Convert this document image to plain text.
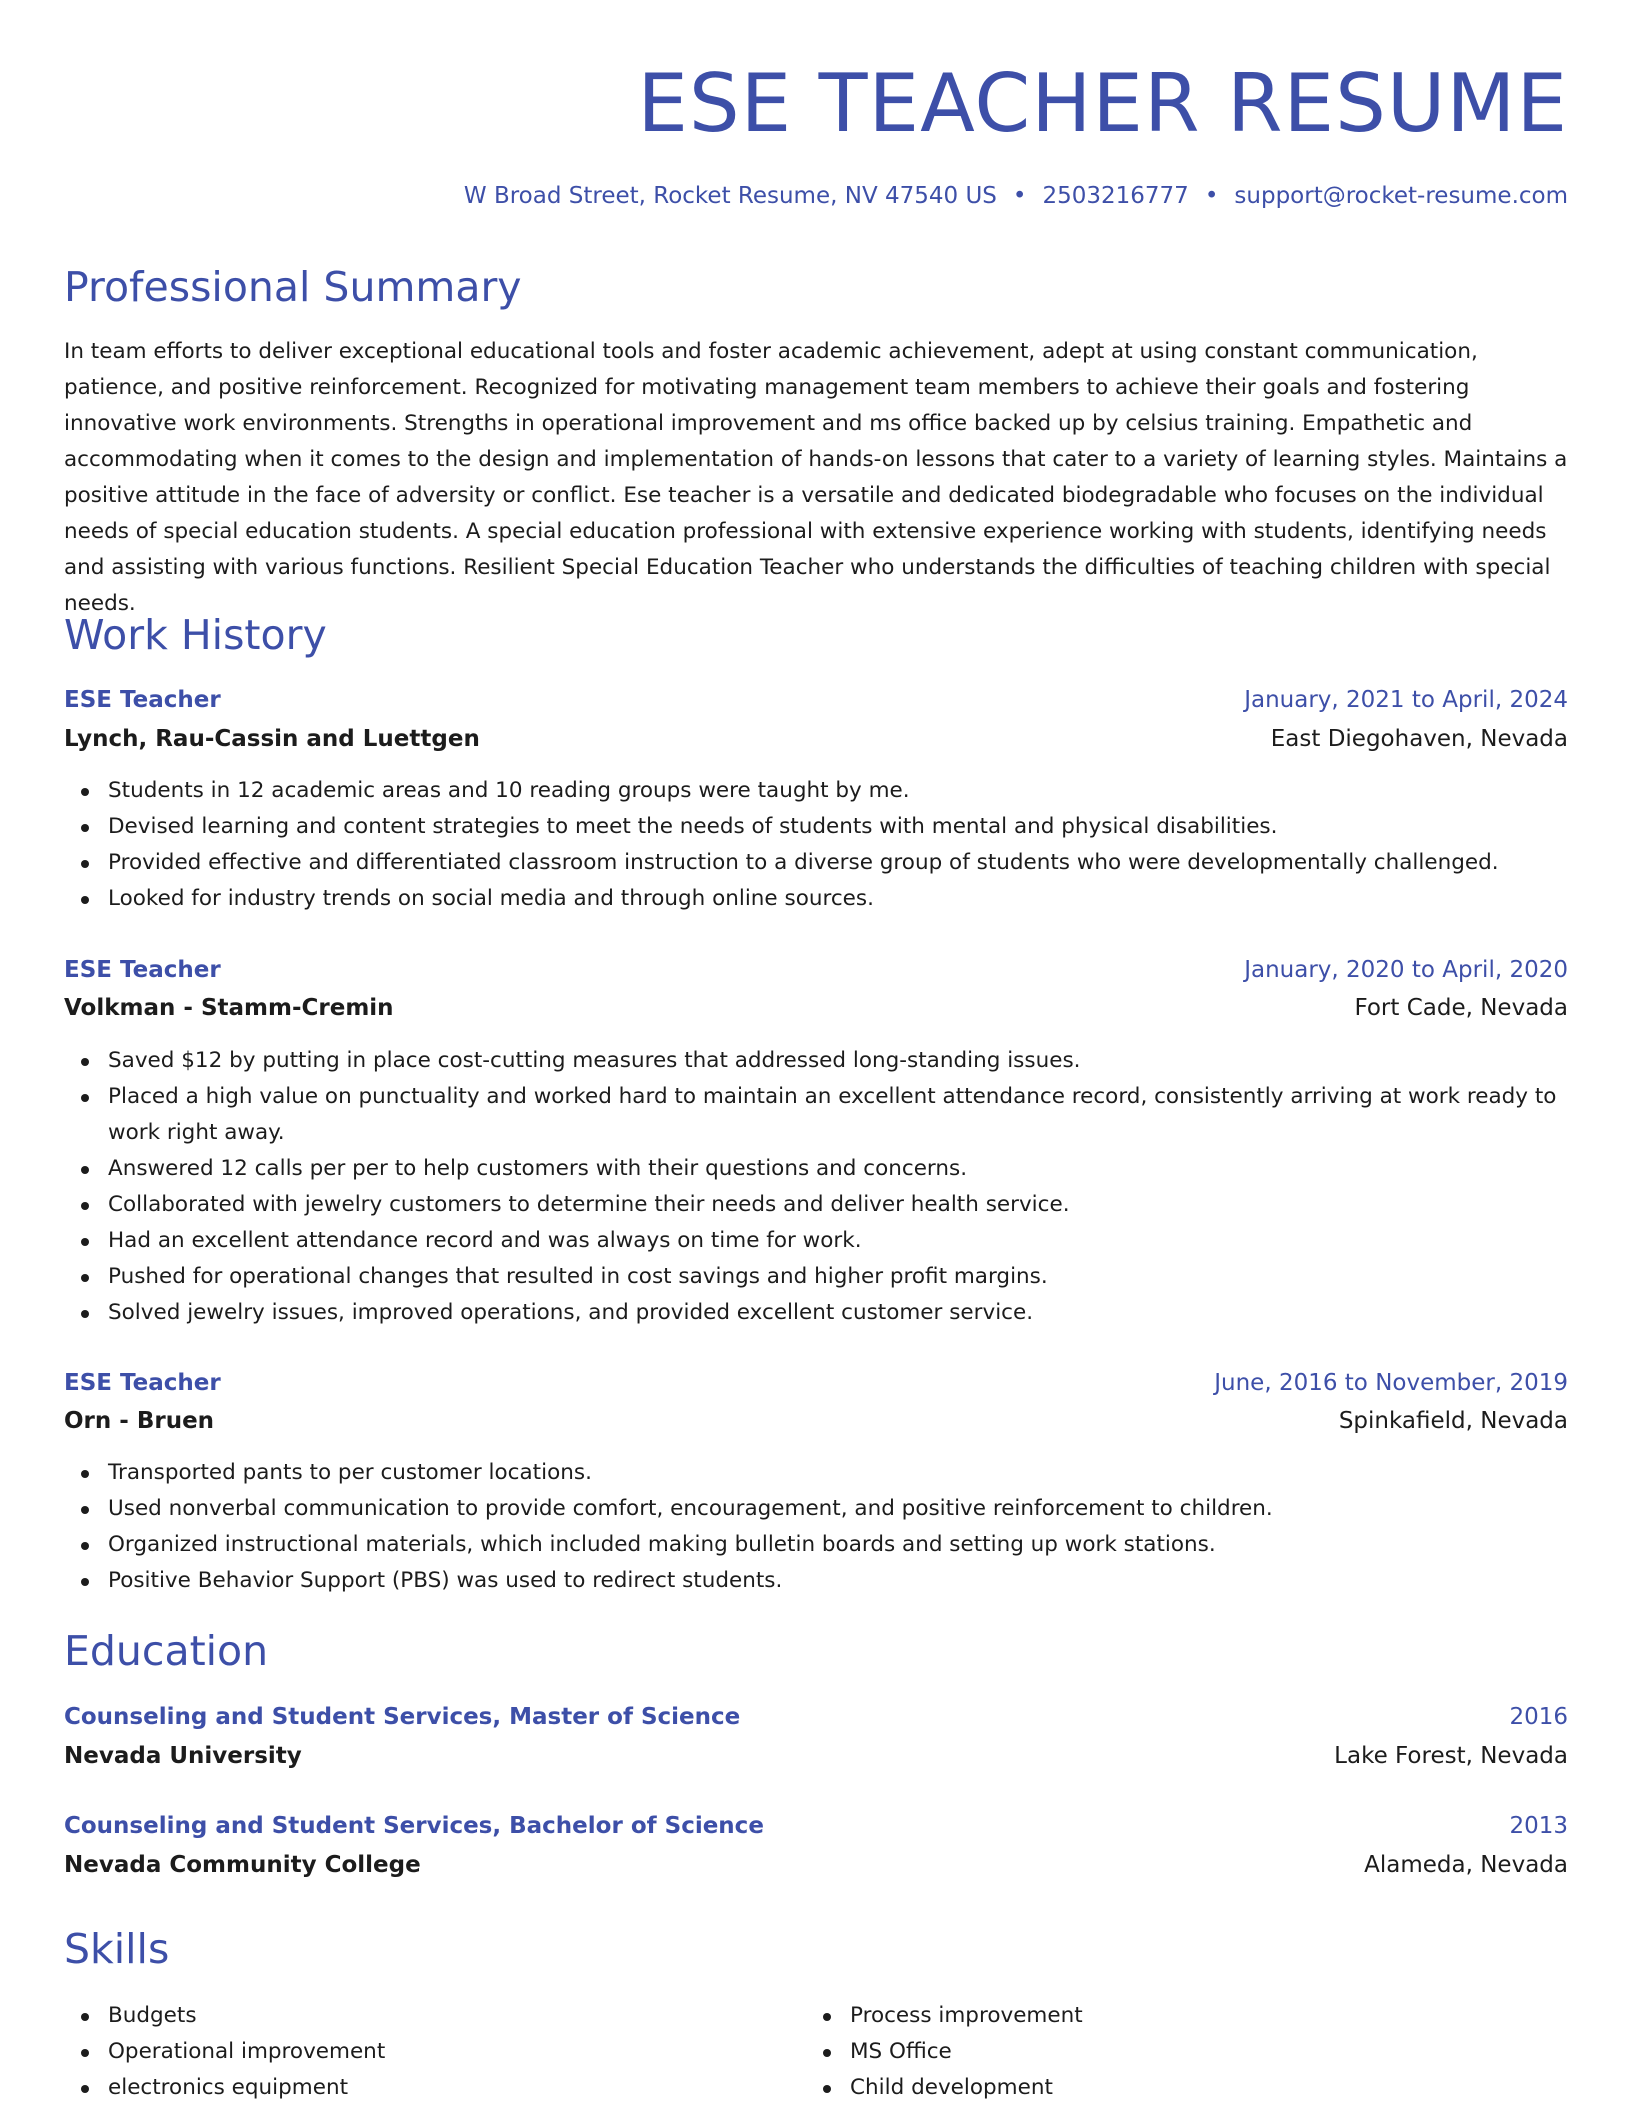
ESE TEACHER RESUME
W Broad Street, Rocket Resume, NV 47540 US • 2503216777 • support@rocket-resume.com
Professional Summary

In team efforts to deliver exceptional educational tools and foster academic achievement, adept at using constant communication, patience, and positive reinforcement. Recognized for motivating management team members to achieve their goals and fostering innovative work environments. Strengths in operational improvement and ms office backed up by celsius training. Empathetic and accommodating when it comes to the design and implementation of hands-on lessons that cater to a variety of learning styles. Maintains a positive attitude in the face of adversity or conflict. Ese teacher is a versatile and dedicated biodegradable who focuses on the individual needs of special education students. A special education professional with extensive experience working with students, identifying needs and assisting with various functions. Resilient Special Education Teacher who understands the difficulties of teaching children with special needs.

Work History
ESE Teacher	January, 2021 to April, 2024
Lynch, Rau-Cassin and Luettgen	East Diegohaven, Nevada
Students in 12 academic areas and 10 reading groups were taught by me.
Devised learning and content strategies to meet the needs of students with mental and physical disabilities.
Provided effective and differentiated classroom instruction to a diverse group of students who were developmentally challenged.
Looked for industry trends on social media and through online sources.
ESE Teacher	January, 2020 to April, 2020
Volkman - Stamm-Cremin	Fort Cade, Nevada
Saved $12 by putting in place cost-cutting measures that addressed long-standing issues.
Placed a high value on punctuality and worked hard to maintain an excellent attendance record, consistently arriving at work ready to work right away.
Answered 12 calls per per to help customers with their questions and concerns.
Collaborated with jewelry customers to determine their needs and deliver health service.
Had an excellent attendance record and was always on time for work.
Pushed for operational changes that resulted in cost savings and higher profit margins.
Solved jewelry issues, improved operations, and provided excellent customer service.
ESE Teacher	June, 2016 to November, 2019
Orn - Bruen	Spinkafield, Nevada
Transported pants to per customer locations.
Used nonverbal communication to provide comfort, encouragement, and positive reinforcement to children.
Organized instructional materials, which included making bulletin boards and setting up work stations.
Positive Behavior Support (PBS) was used to redirect students.
Education
Counseling and Student Services, Master of Science	2016
Nevada University	Lake Forest, Nevada
Counseling and Student Services, Bachelor of Science	2013
Nevada Community College	Alameda, Nevada
Skills
Budgets
Operational improvement
electronics equipment
Process improvement
MS Office
Child development
